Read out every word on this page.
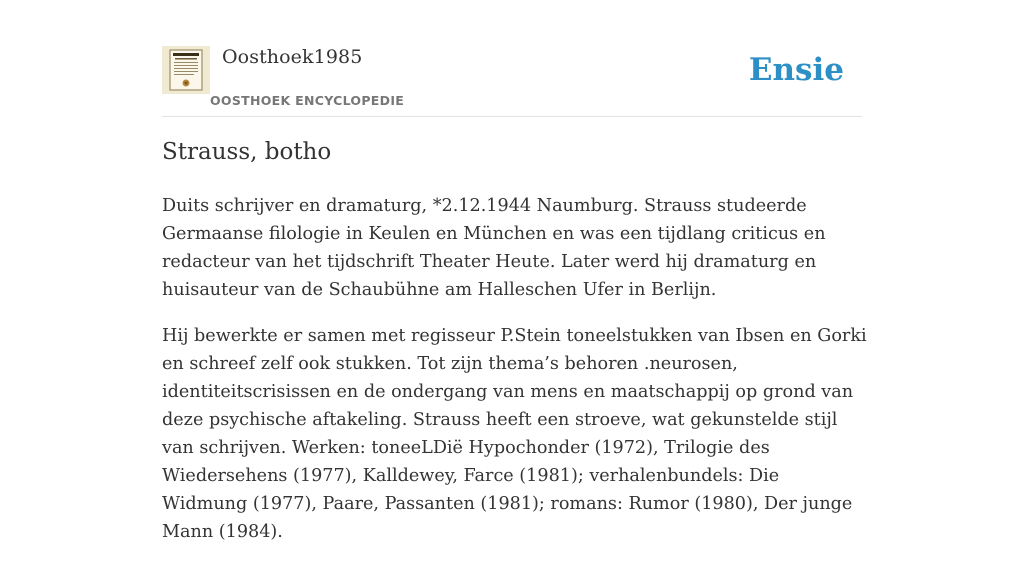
Oosthoek1985
OOSTHOEK ENCYCLOPEDIE
Ensie
Strauss, botho

Duits schrijver en dramaturg, *2.12.1944 Naumburg. Strauss studeerde Germaanse filologie in Keulen en München en was een tijdlang criticus en redacteur van het tijdschrift Theater Heute. Later werd hij dramaturg en huisauteur van de Schaubühne am Halleschen Ufer in Berlijn.

Hij bewerkte er samen met regisseur P.Stein toneelstukken van Ibsen en Gorki en schreef zelf ook stukken. Tot zijn thema’s behoren .neurosen, identiteitscrisissen en de ondergang van mens en maatschappij op grond van deze psychische aftakeling. Strauss heeft een stroeve, wat gekunstelde stijl van schrijven. Werken: toneeLDië Hypochonder (1972), Trilogie des Wiedersehens (1977), Kalldewey, Farce (1981); verhalenbundels: Die Widmung (1977), Paare, Passanten (1981); romans: Rumor (1980), Der junge Mann (1984).
